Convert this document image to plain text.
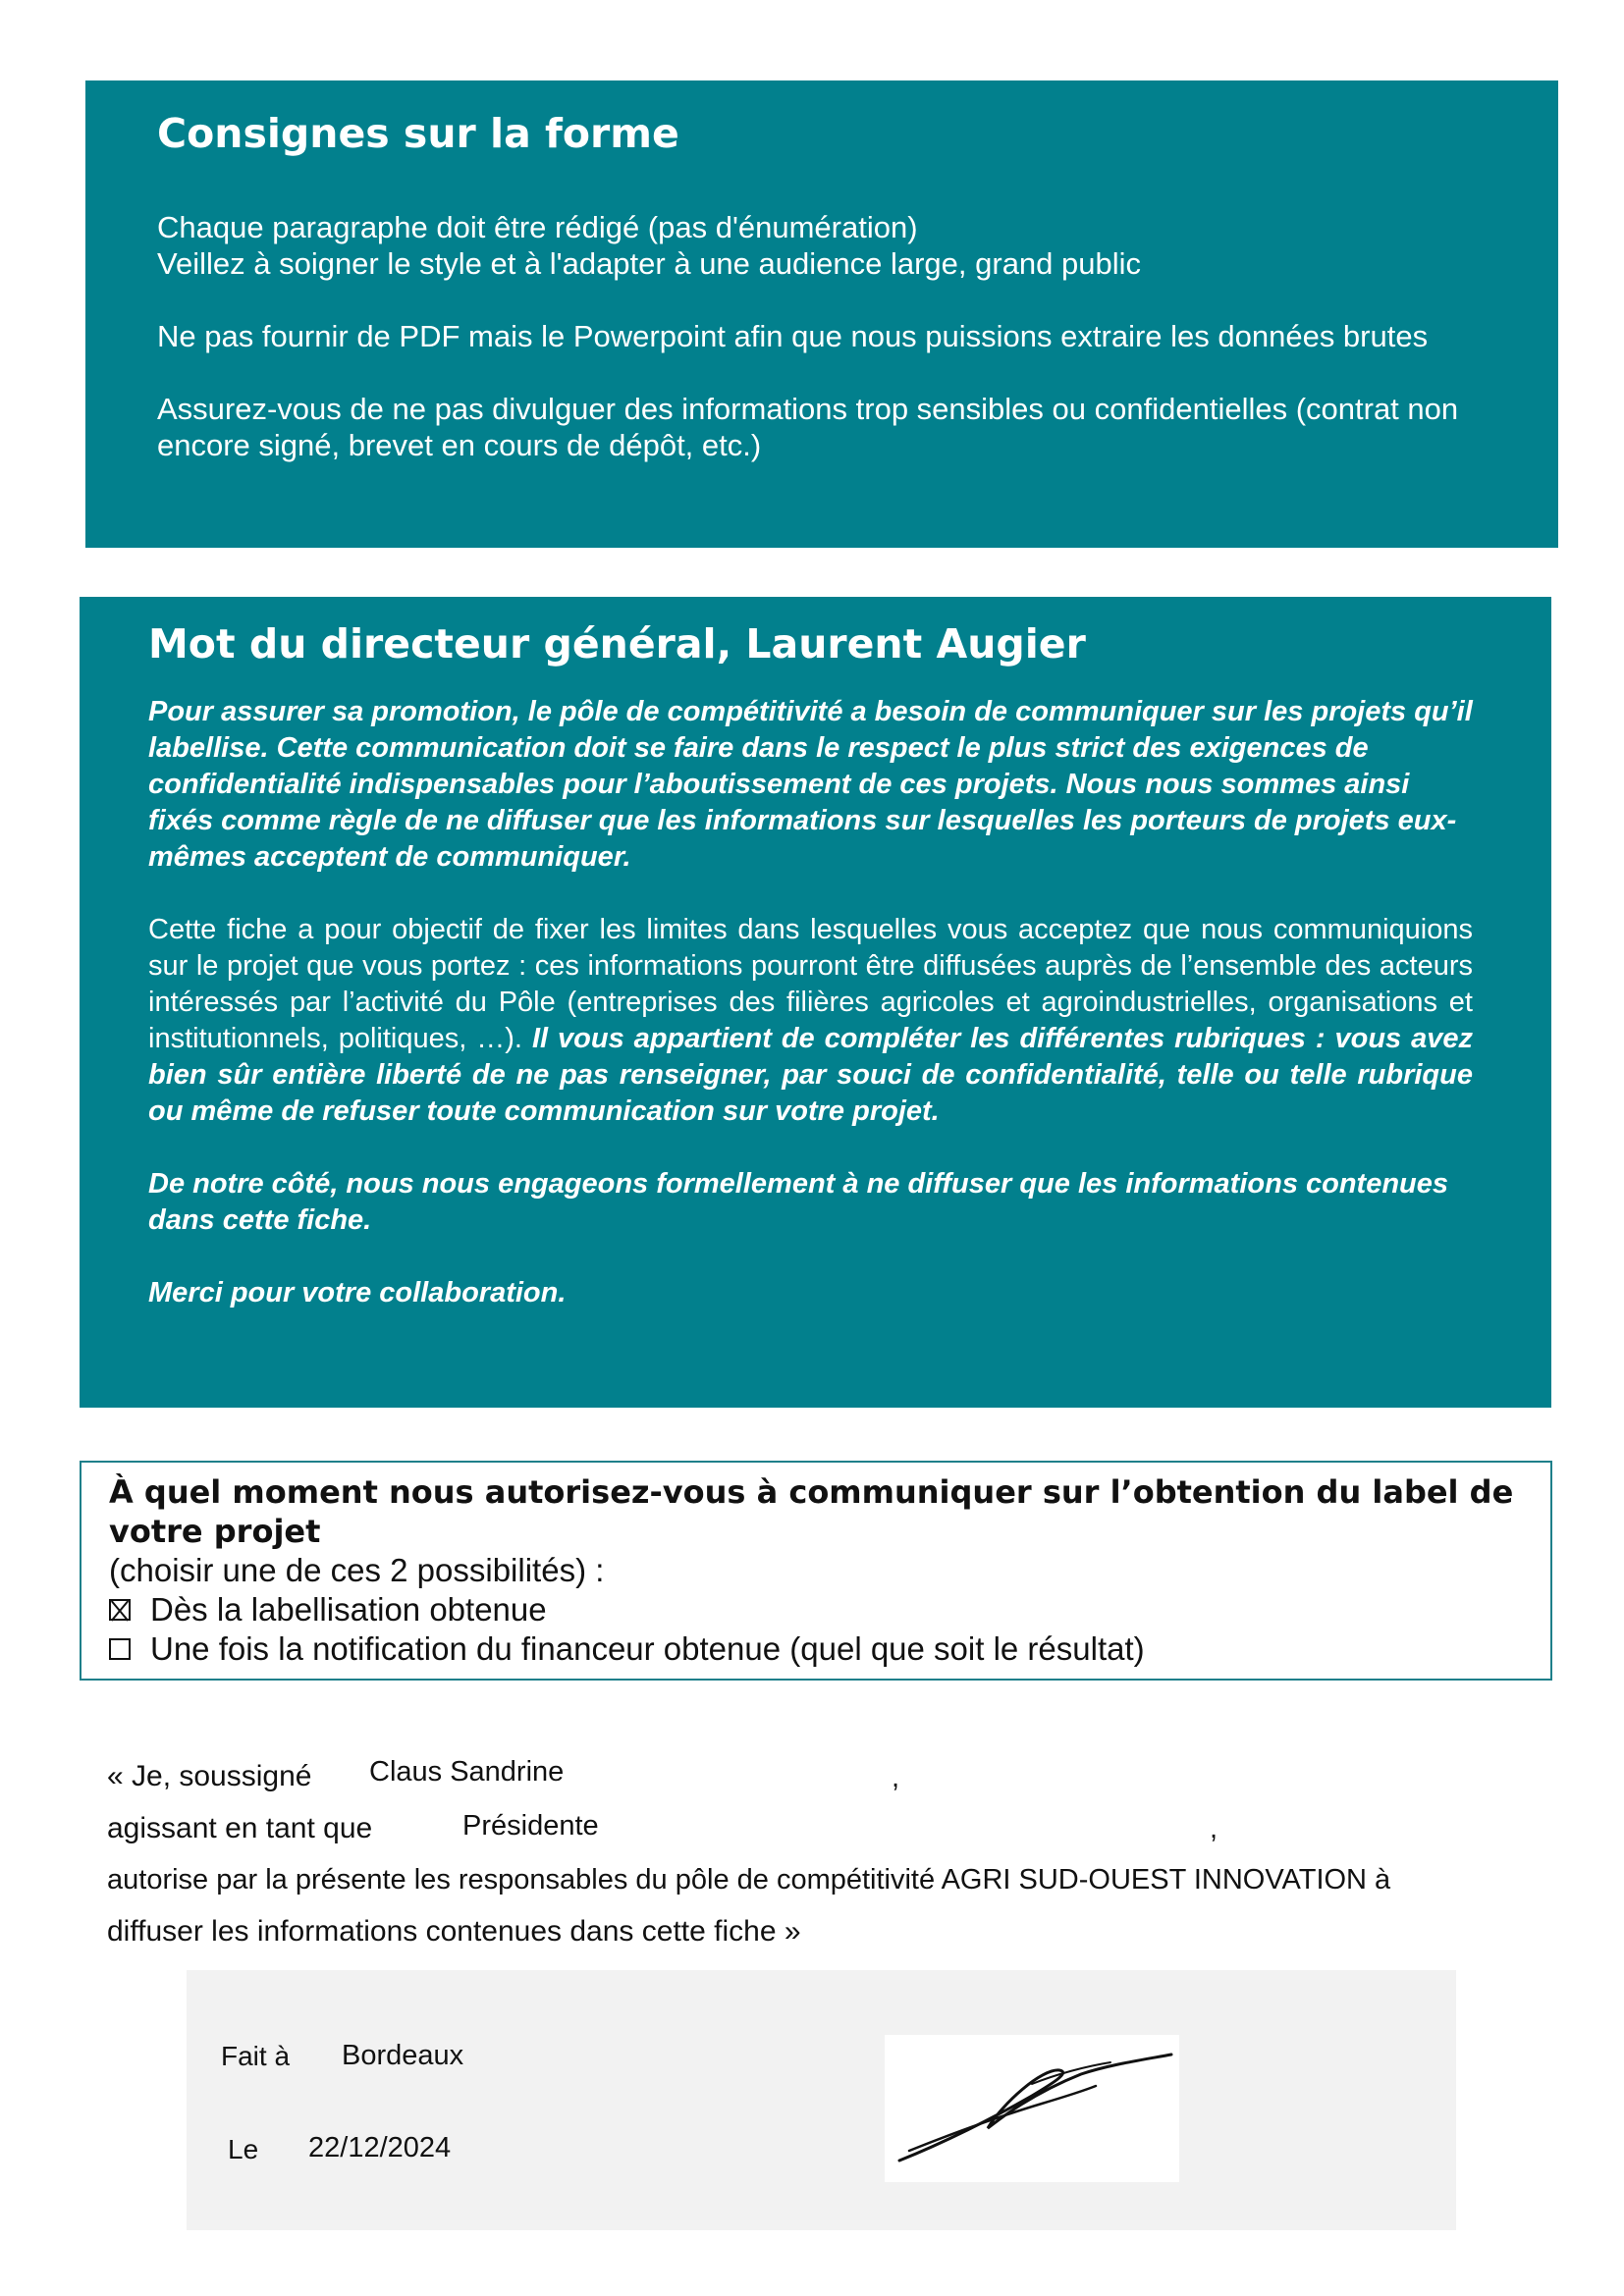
Consignes sur la forme

Chaque paragraphe doit être rédigé (pas d'énumération)
Veillez à soigner le style et à l'adapter à une audience large, grand public

Ne pas fournir de PDF mais le Powerpoint afin que nous puissions extraire les données brutes

Assurez-vous de ne pas divulguer des informations trop sensibles ou confidentielles (contrat non encore signé, brevet en cours de dépôt, etc.)

Mot du directeur général, Laurent Augier

Pour assurer sa promotion, le pôle de compétitivité a besoin de communiquer sur les projets qu’il labellise. Cette communication doit se faire dans le respect le plus strict des exigences de confidentialité indispensables pour l’aboutissement de ces projets. Nous nous sommes ainsi fixés comme règle de ne diffuser que les informations sur lesquelles les porteurs de projets eux-mêmes acceptent de communiquer.

Cette fiche a pour objectif de fixer les limites dans lesquelles vous acceptez que nous communiquions sur le projet que vous portez : ces informations pourront être diffusées auprès de l’ensemble des acteurs intéressés par l’activité du Pôle (entreprises des filières agricoles et agroindustrielles, organisations et institutionnels, politiques, …). Il vous appartient de compléter les différentes rubriques : vous avez bien sûr entière liberté de ne pas renseigner, par souci de confidentialité, telle ou telle rubrique ou même de refuser toute communication sur votre projet.

De notre côté, nous nous engageons formellement à ne diffuser que les informations contenues dans cette fiche.

Merci pour votre collaboration.

À quel moment nous autorisez-vous à communiquer sur l’obtention du label de votre projet

(choisir une de ces 2 possibilités) :

Dès la labellisation obtenue
Une fois la notification du financeur obtenue (quel que soit le résultat)
« Je, soussigné Claus Sandrine	,
agissant en tant que	Présidente	,
autorise par la présente les responsables du pôle de compétitivité AGRI SUD-OUEST INNOVATION à
diffuser les informations contenues dans cette fiche »
Fait à Bordeaux
Le 22/12/2024
